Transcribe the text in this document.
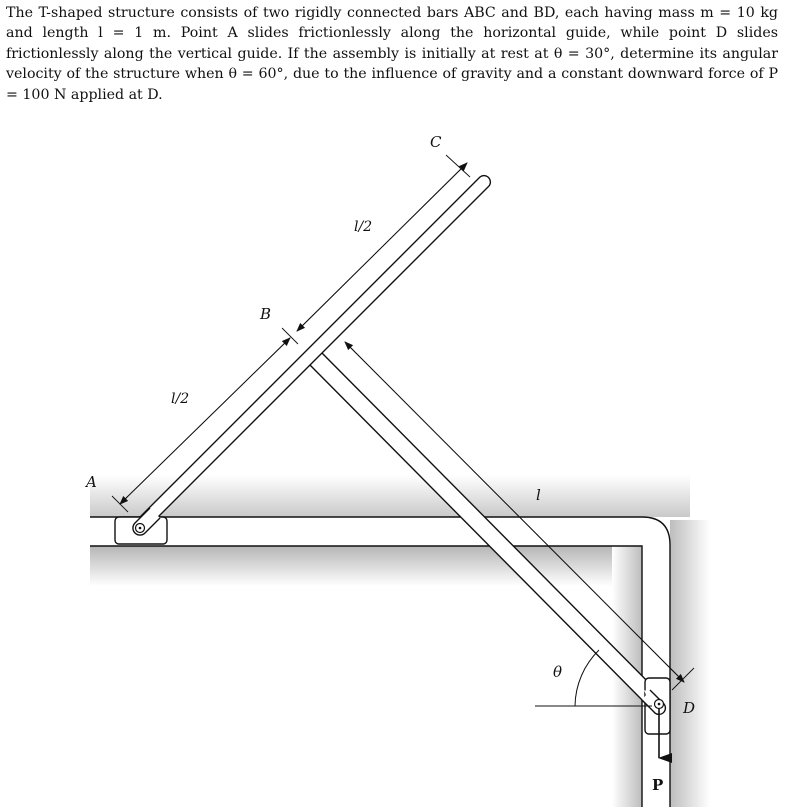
The T-shaped structure consists of two rigidly connected bars ABC and BD, each having mass m = 10 kg and length l = 1 m. Point A slides frictionlessly along the horizontal guide, while point D slides frictionlessly along the vertical guide. If the assembly is initially at rest at θ = 30°, determine its angular velocity of the structure when θ = 60°, due to the influence of gravity and a constant downward force of P = 100 N applied at D.

A
B
C
D
l/2
l/2
l
θ
P
